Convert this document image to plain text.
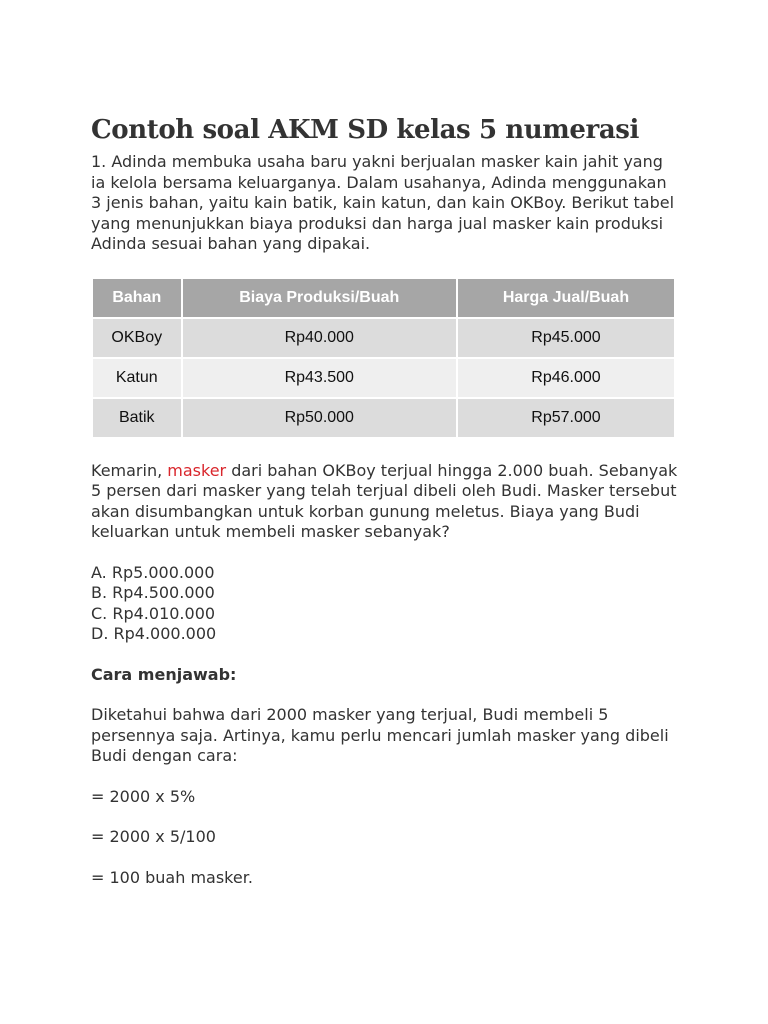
Contoh soal AKM SD kelas 5 numerasi

1. Adinda membuka usaha baru yakni berjualan masker kain jahit yang ia kelola bersama keluarganya. Dalam usahanya, Adinda menggunakan 3 jenis bahan, yaitu kain batik, kain katun, dan kain OKBoy. Berikut tabel yang menunjukkan biaya produksi dan harga jual masker kain produksi Adinda sesuai bahan yang dipakai.

Bahan	Biaya Produksi/Buah	Harga Jual/Buah
OKBoy	Rp40.000	Rp45.000
Katun	Rp43.500	Rp46.000
Batik	Rp50.000	Rp57.000

Kemarin, masker dari bahan OKBoy terjual hingga 2.000 buah. Sebanyak 5 persen dari masker yang telah terjual dibeli oleh Budi. Masker tersebut akan disumbangkan untuk korban gunung meletus. Biaya yang Budi keluarkan untuk membeli masker sebanyak?

A. Rp5.000.000
B. Rp4.500.000
C. Rp4.010.000
D. Rp4.000.000

Cara menjawab:

Diketahui bahwa dari 2000 masker yang terjual, Budi membeli 5 persennya saja. Artinya, kamu perlu mencari jumlah masker yang dibeli Budi dengan cara:

= 2000 x 5%

= 2000 x 5/100

= 100 buah masker.
